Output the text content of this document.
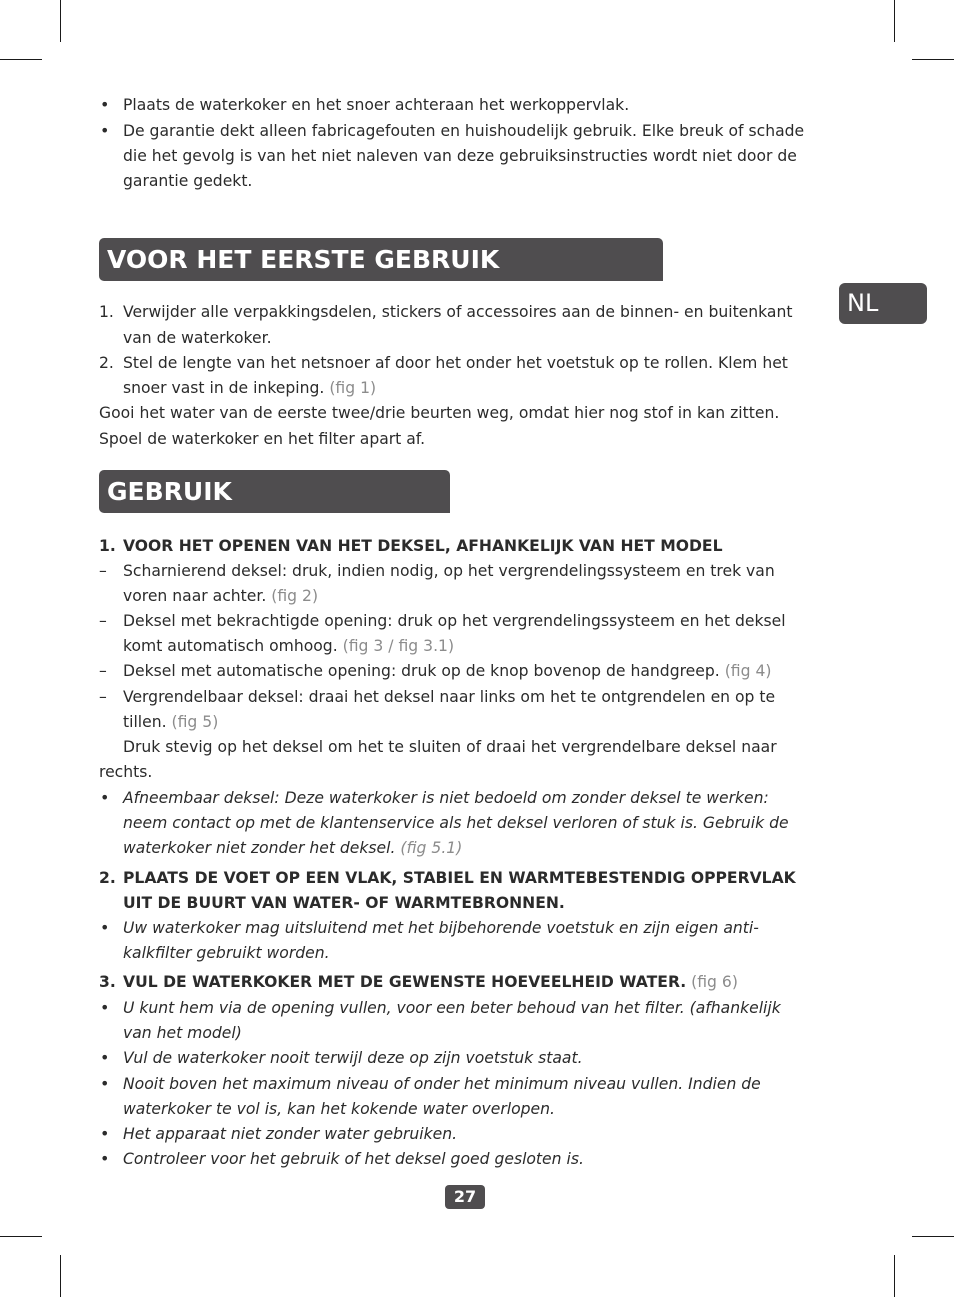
NL
• Plaats de waterkoker en het snoer achteraan het werkoppervlak.
• De garantie dekt alleen fabricagefouten en huishoudelijk gebruik. Elke breuk of schade
die het gevolg is van het niet naleven van deze gebruiksinstructies wordt niet door de
garantie gedekt.
VOOR HET EERSTE GEBRUIK
1. Verwijder alle verpakkingsdelen, stickers of accessoires aan de binnen- en buitenkant
van de waterkoker.
2. Stel de lengte van het netsnoer af door het onder het voetstuk op te rollen. Klem het
snoer vast in de inkeping. (fig 1)
Gooi het water van de eerste twee/drie beurten weg, omdat hier nog stof in kan zitten.
Spoel de waterkoker en het filter apart af.
GEBRUIK
1. VOOR HET OPENEN VAN HET DEKSEL, AFHANKELIJK VAN HET MODEL
– Scharnierend deksel: druk, indien nodig, op het vergrendelingssysteem en trek van
voren naar achter. (fig 2)
– Deksel met bekrachtigde opening: druk op het vergrendelingssysteem en het deksel
komt automatisch omhoog. (fig 3 / fig 3.1)
– Deksel met automatische opening: druk op de knop bovenop de handgreep. (fig 4)
– Vergrendelbaar deksel: draai het deksel naar links om het te ontgrendelen en op te
tillen. (fig 5)
Druk stevig op het deksel om het te sluiten of draai het vergrendelbare deksel naar
rechts.
• Afneembaar deksel: Deze waterkoker is niet bedoeld om zonder deksel te werken:
neem contact op met de klantenservice als het deksel verloren of stuk is. Gebruik de
waterkoker niet zonder het deksel. (fig 5.1)
2. PLAATS DE VOET OP EEN VLAK, STABIEL EN WARMTEBESTENDIG OPPERVLAK
UIT DE BUURT VAN WATER- OF WARMTEBRONNEN.
• Uw waterkoker mag uitsluitend met het bijbehorende voetstuk en zijn eigen anti-
kalkfilter gebruikt worden.
3. VUL DE WATERKOKER MET DE GEWENSTE HOEVEELHEID WATER. (fig 6)
• U kunt hem via de opening vullen, voor een beter behoud van het filter. (afhankelijk
van het model)
• Vul de waterkoker nooit terwijl deze op zijn voetstuk staat.
• Nooit boven het maximum niveau of onder het minimum niveau vullen. Indien de
waterkoker te vol is, kan het kokende water overlopen.
• Het apparaat niet zonder water gebruiken.
• Controleer voor het gebruik of het deksel goed gesloten is.
27
